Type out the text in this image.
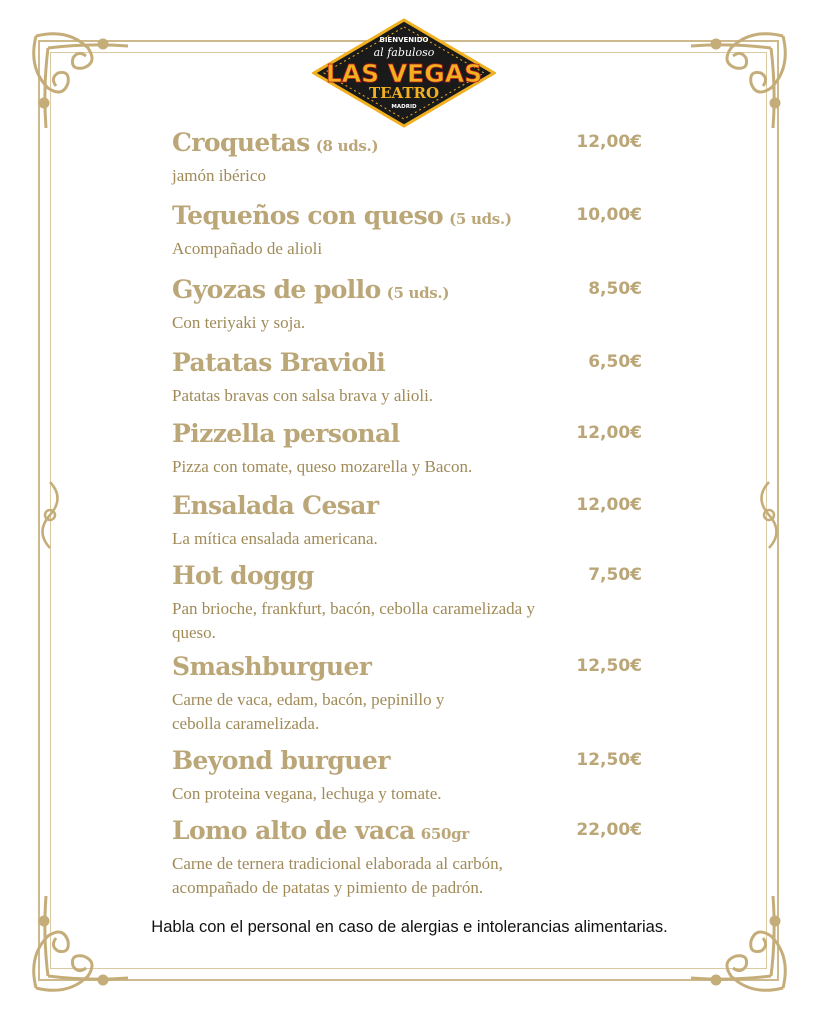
BIENVENIDO
al fabuloso
LAS VEGAS
TEATRO
MADRID
Croquetas (8 uds.)
jamón ibérico
12,00€
Tequeños con queso (5 uds.)
Acompañado de alioli
10,00€
Gyozas de pollo (5 uds.)
Con teriyaki y soja.
8,50€
Patatas Bravioli
Patatas bravas con salsa brava y alioli.
6,50€
Pizzella personal
Pizza con tomate, queso mozarella y Bacon.
12,00€
Ensalada Cesar
La mítica ensalada americana.
12,00€
Hot doggg
Pan brioche, frankfurt, bacón, cebolla caramelizada y queso.
7,50€
Smashburguer
Carne de vaca, edam, bacón, pepinillo y cebolla caramelizada.
12,50€
Beyond burguer
Con proteina vegana, lechuga y tomate.
12,50€
Lomo alto de vaca 650gr
Carne de ternera tradicional elaborada al carbón, acompañado de patatas y pimiento de padrón.
22,00€
Habla con el personal en caso de alergias e intolerancias alimentarias.
